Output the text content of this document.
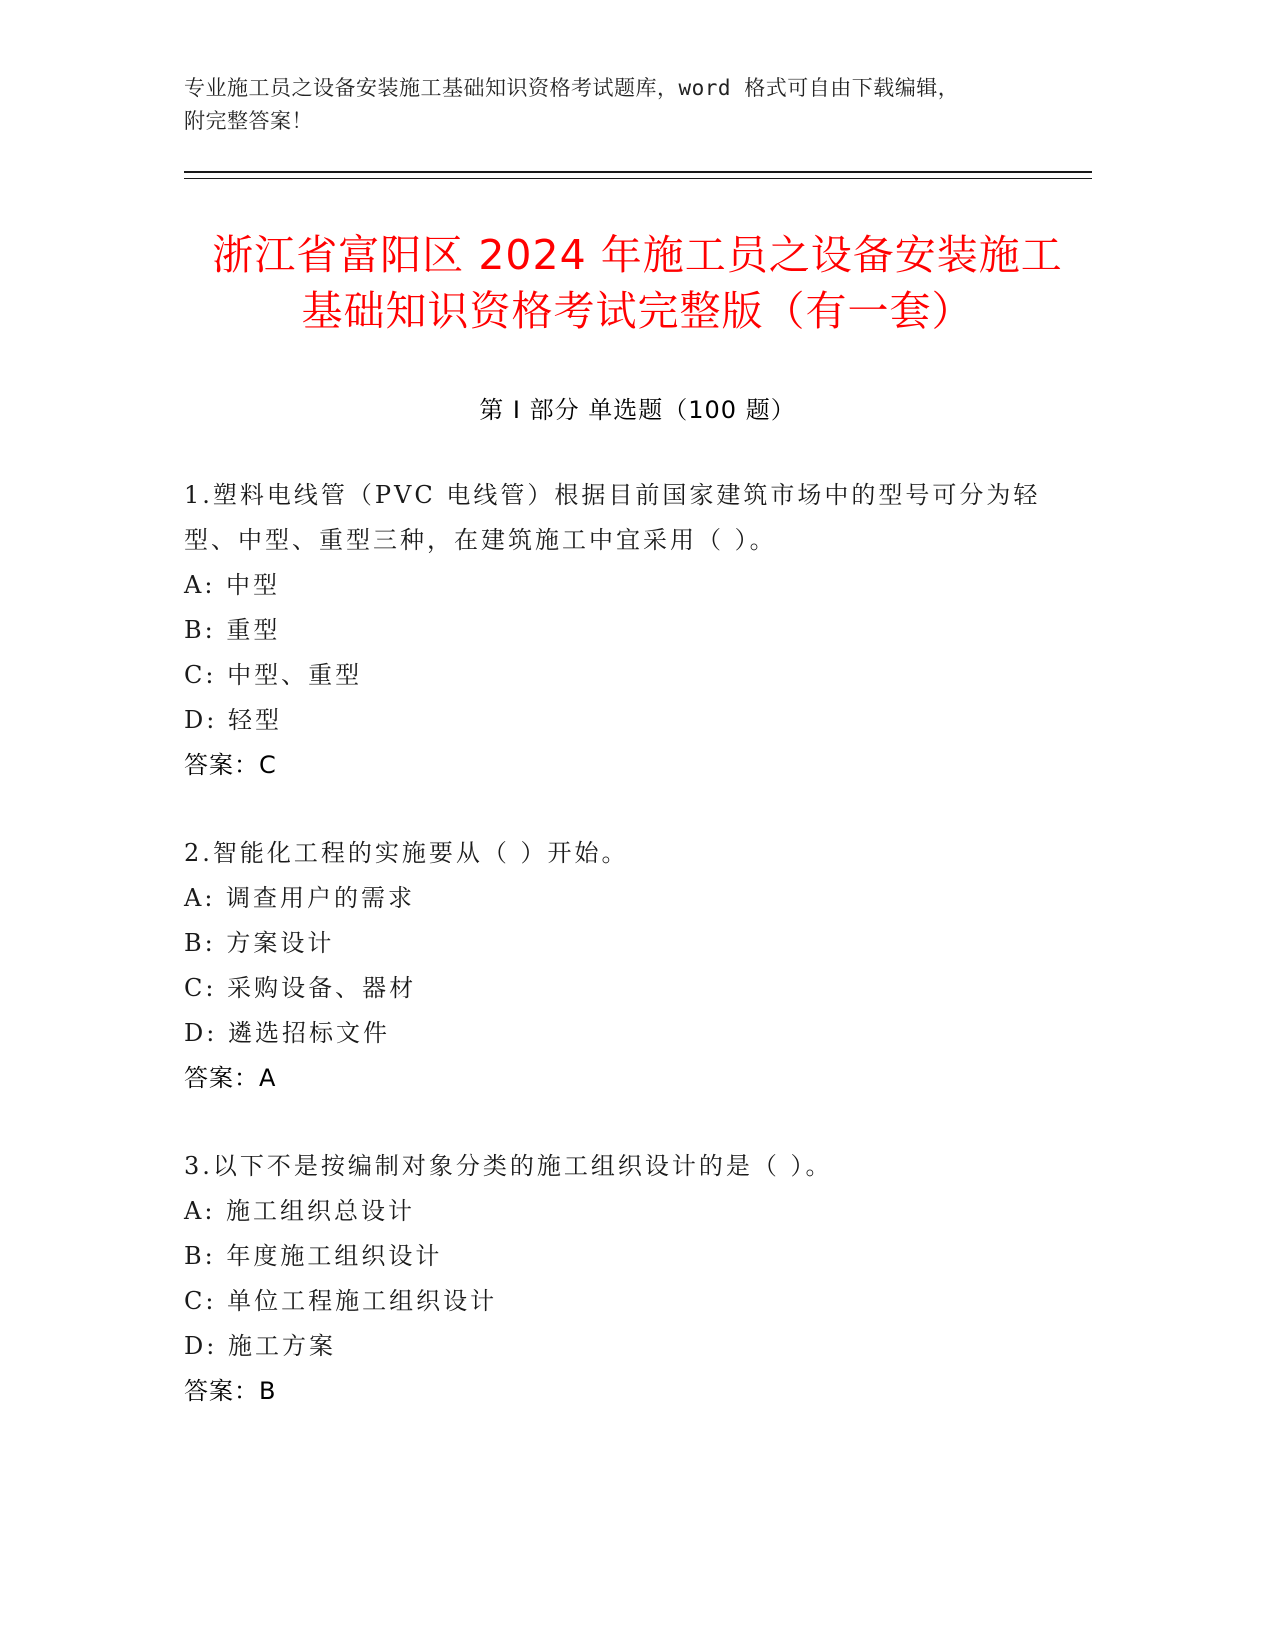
专业施工员之设备安装施工基础知识资格考试题库，word 格式可自由下载编辑，
附完整答案！
浙江省富阳区 2024 年施工员之设备安装施工
基础知识资格考试完整版（有一套）
第 I 部分 单选题（100 题）
1.塑料电线管（PVC 电线管）根据目前国家建筑市场中的型号可分为轻型、中型、重型三种，在建筑施工中宜采用（ ）。
A: 中型
B: 重型
C: 中型、重型
D: 轻型
答案：C
2.智能化工程的实施要从（ ）开始。
A: 调查用户的需求
B: 方案设计
C: 采购设备、器材
D: 遴选招标文件
答案：A
3.以下不是按编制对象分类的施工组织设计的是（ ）。
A: 施工组织总设计
B: 年度施工组织设计
C: 单位工程施工组织设计
D: 施工方案
答案：B
